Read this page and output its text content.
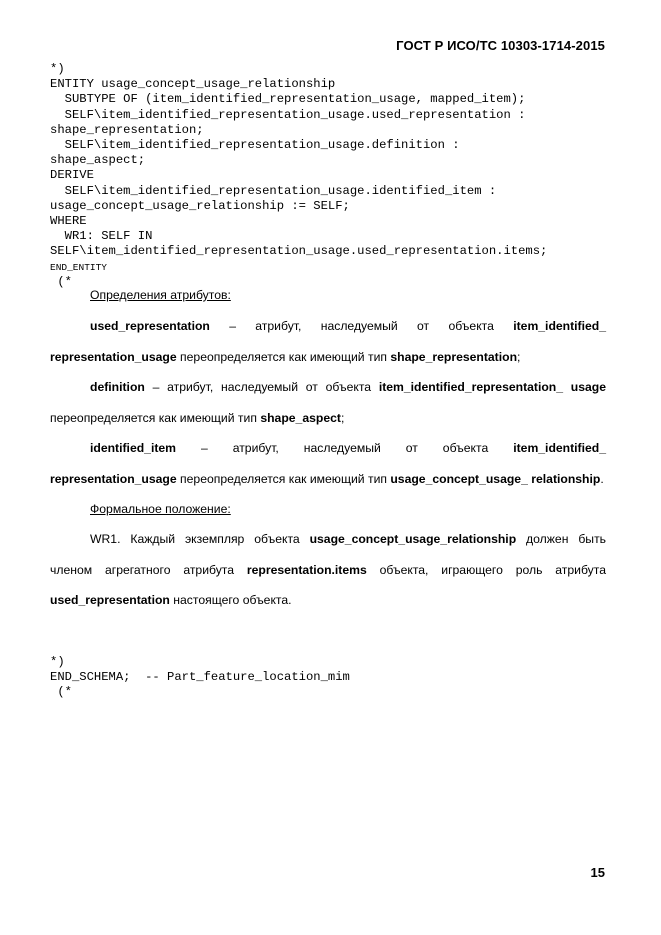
ГОСТ Р ИСО/ТС 10303-1714-2015
*)
ENTITY usage_concept_usage_relationship
SUBTYPE OF (item_identified_representation_usage, mapped_item);
SELF\item_identified_representation_usage.used_representation :
shape_representation;
SELF\item_identified_representation_usage.definition :
shape_aspect;
DERIVE
SELF\item_identified_representation_usage.identified_item :
usage_concept_usage_relationship := SELF;
WHERE
WR1: SELF IN
SELF\item_identified_representation_usage.used_representation.items;
END_ENTITY
(*

Определения атрибутов:

used_representation – атрибут, наследуемый от объекта item_identified_ representation_usage переопределяется как имеющий тип shape_representation;

definition – атрибут, наследуемый от объекта item_identified_representation_ usage переопределяется как имеющий тип shape_aspect;

identified_item – атрибут, наследуемый от объекта item_identified_ representation_usage переопределяется как имеющий тип usage_concept_usage_ relationship.

Формальное положение:

WR1. Каждый экземпляр объекта usage_concept_usage_relationship должен быть членом агрегатного атрибута representation.items объекта, играющего роль атрибута used_representation настоящего объекта.

*)
END_SCHEMA;  -- Part_feature_location_mim
(*
15
